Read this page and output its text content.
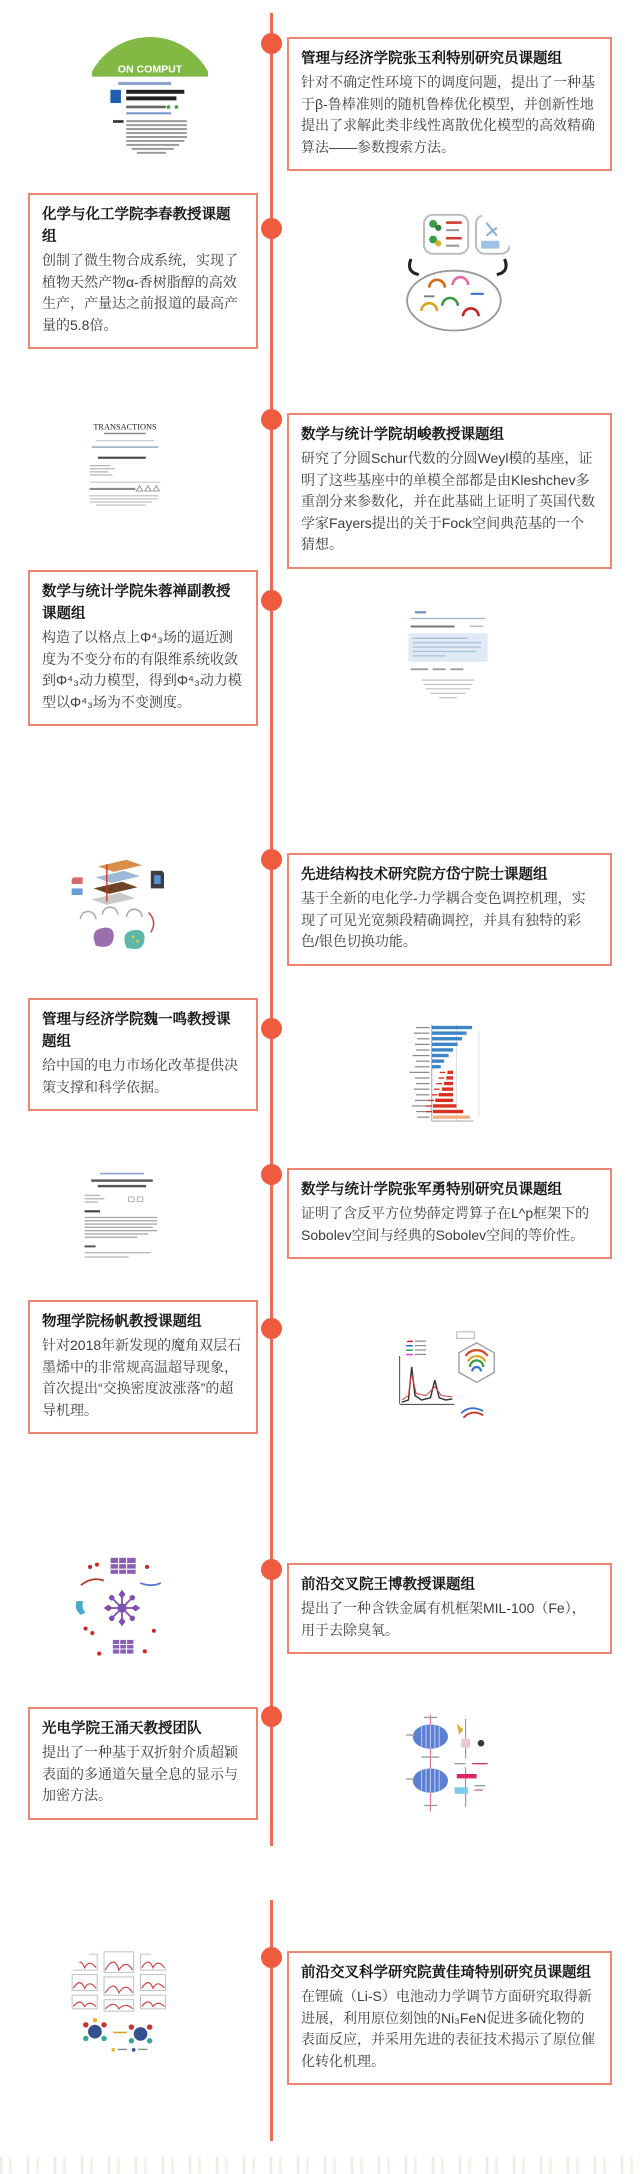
ON COMPUT
管理与经济学院张玉利特别研究员课题组

针对不确定性环境下的调度问题，提出了一种基于β-鲁棒准则的随机鲁棒优化模型，并创新性地提出了求解此类非线性离散优化模型的高效精确算法——参数搜索方法。

化学与化工学院李春教授课题组

创制了微生物合成系统，实现了植物天然产物α-香树脂醇的高效生产，产量达之前报道的最高产量的5.8倍。

TRANSACTIONS	数学与统计学院胡峻教授课题组

研究了分圆Schur代数的分圆Weyl模的基座，证明了这些基座中的单模全部都是由Kleshchev多重剖分来参数化，并在此基础上证明了英国代数学家Fayers提出的关于Fock空间典范基的一个猜想。

数学与统计学院朱蓉禅副教授课题组

构造了以格点上Φ⁴₃场的逼近测度为不变分布的有限维系统收敛到Φ⁴₃动力模型，得到Φ⁴₃动力模型以Φ⁴₃场为不变测度。

先进结构技术研究院方岱宁院士课题组

基于全新的电化学-力学耦合变色调控机理，实现了可见光宽频段精确调控，并具有独特的彩色/银色切换功能。

管理与经济学院魏一鸣教授课题组

给中国的电力市场化改革提供决策支撑和科学依据。

数学与统计学院张军勇特别研究员课题组

证明了含反平方位势薛定谔算子在L^p框架下的Sobolev空间与经典的Sobolev空间的等价性。

物理学院杨帆教授课题组

针对2018年新发现的魔角双层石墨烯中的非常规高温超导现象，首次提出“交换密度波涨落”的超导机理。

前沿交叉院王博教授课题组

提出了一种含铁金属有机框架MIL-100（Fe），用于去除臭氧。

光电学院王涌天教授团队

提出了一种基于双折射介质超颖表面的多通道矢量全息的显示与加密方法。

前沿交叉科学研究院黄佳琦特别研究员课题组

在锂硫（Li-S）电池动力学调节方面研究取得新进展，利用原位刻蚀的Ni₃FeN促进多硫化物的表面反应，并采用先进的表征技术揭示了原位催化转化机理。
